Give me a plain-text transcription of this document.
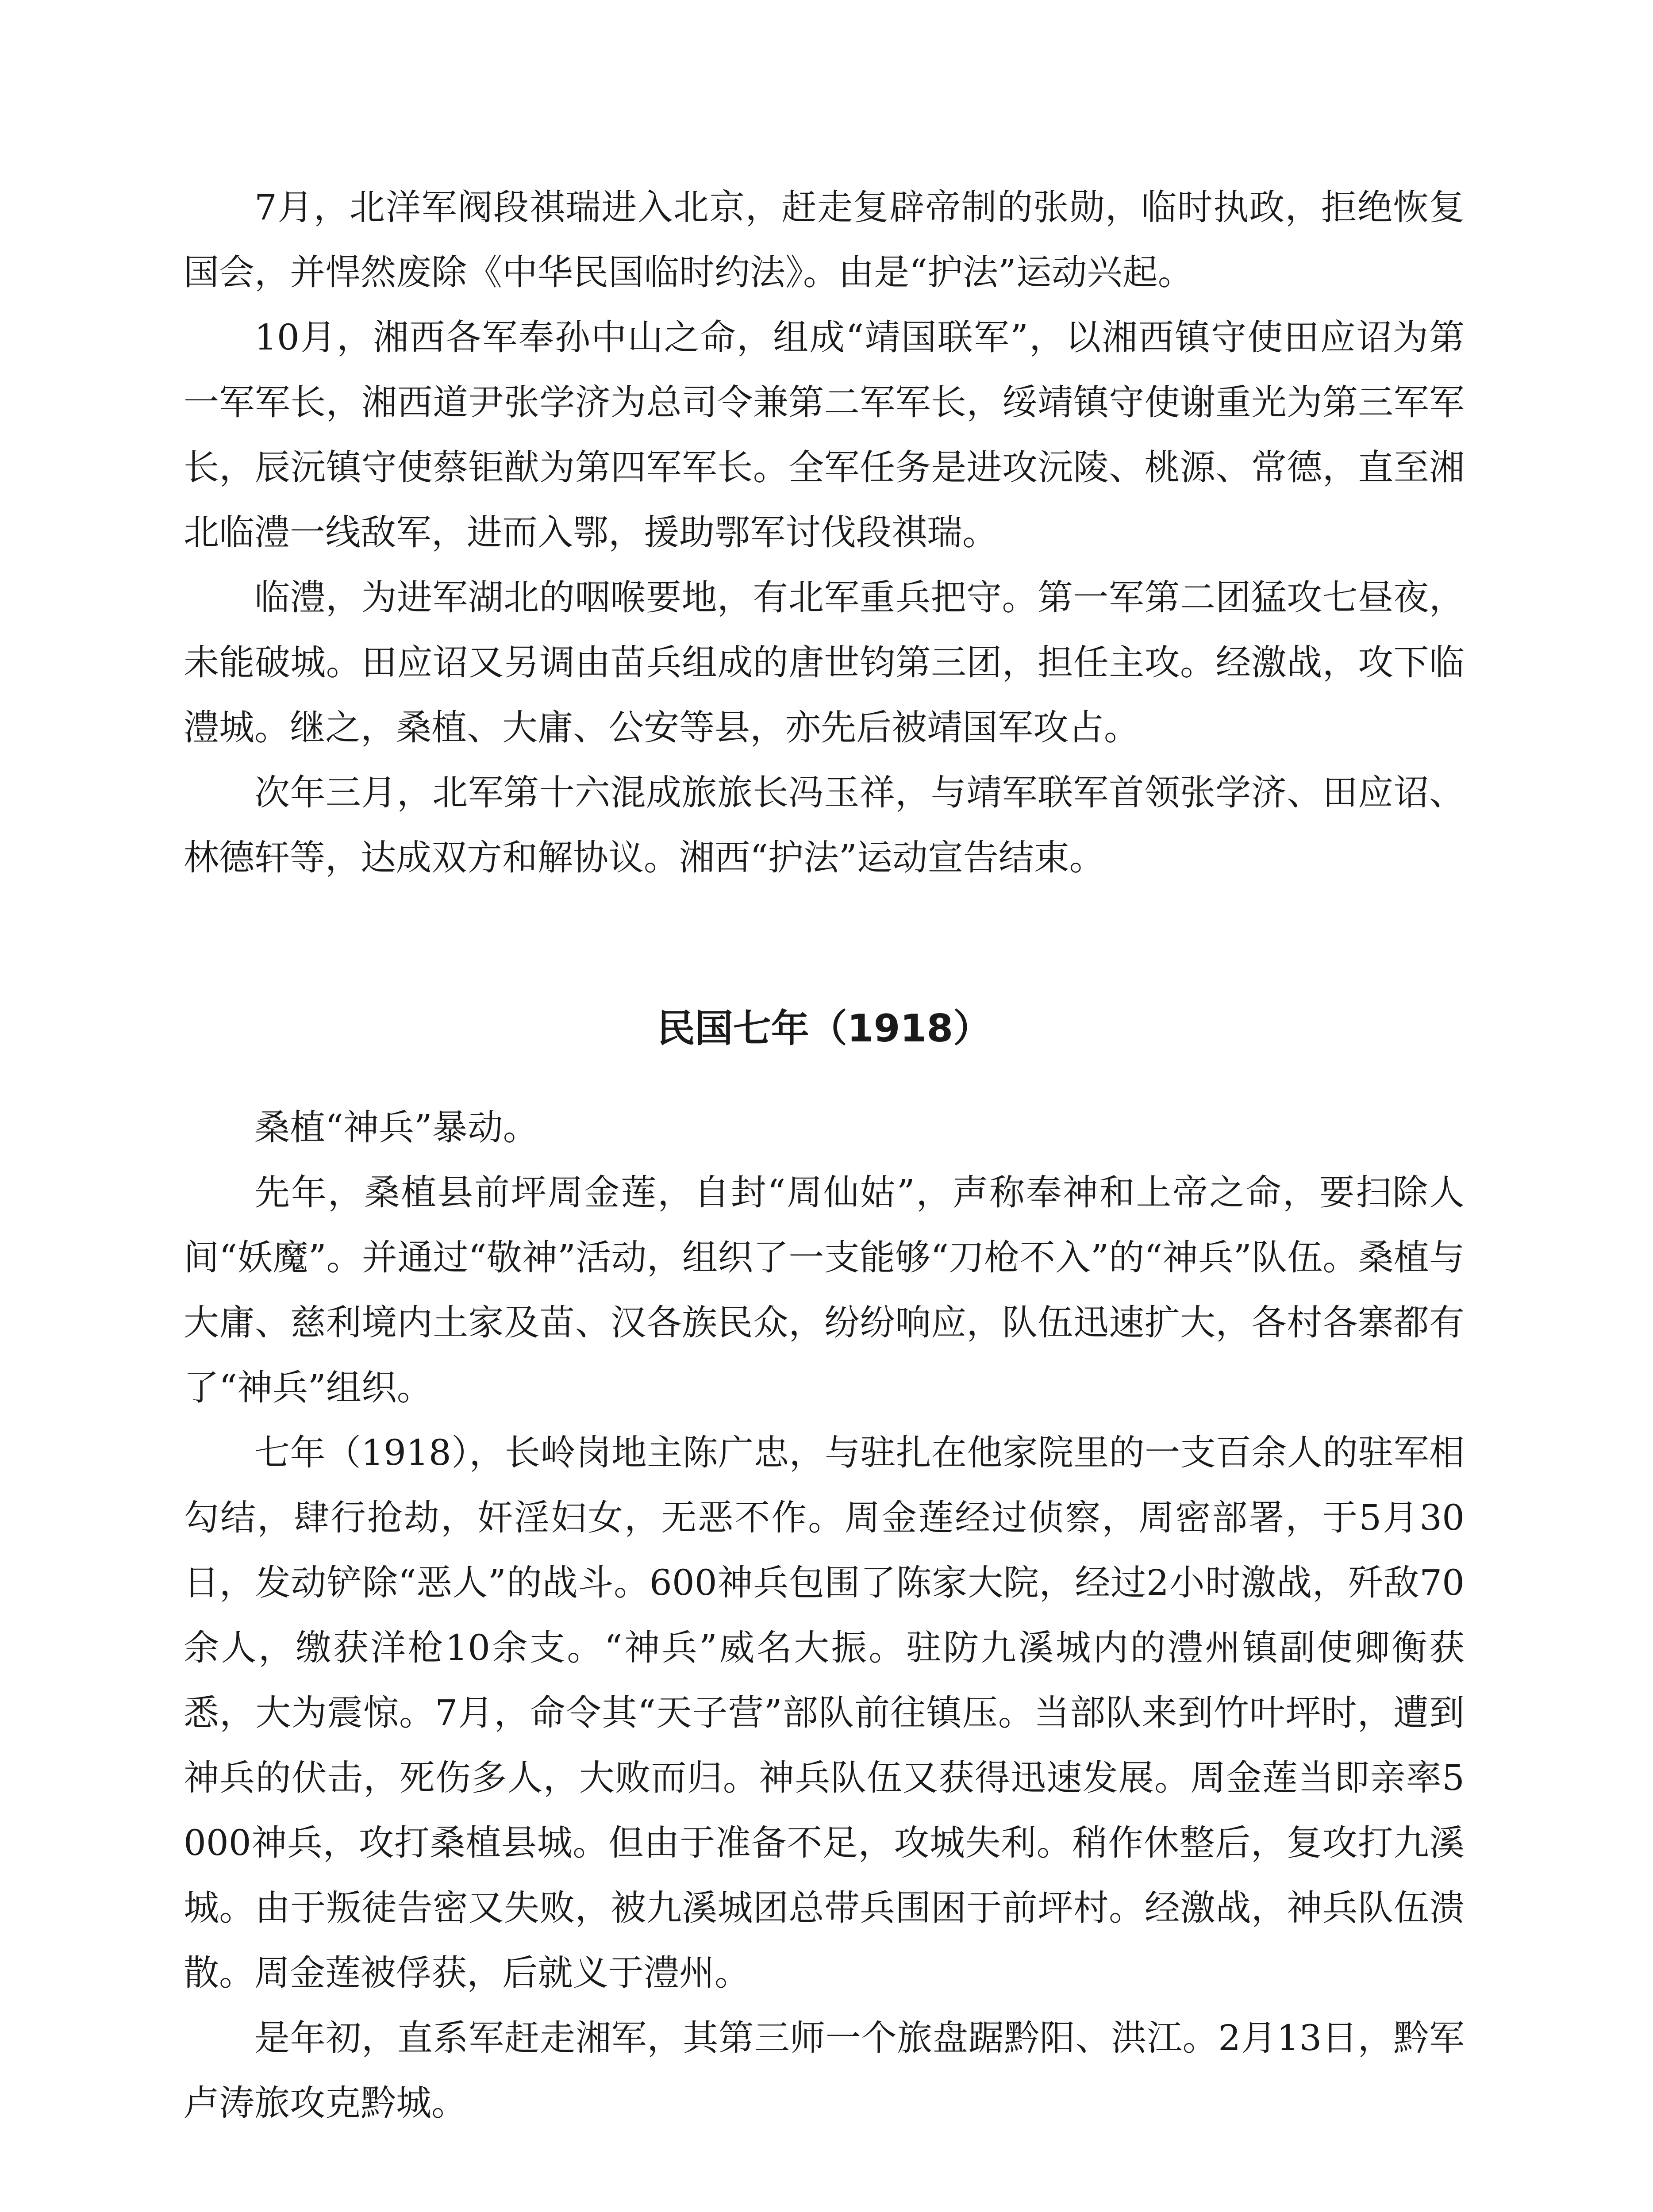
7月，北洋军阀段祺瑞进入北京，赶走复辟帝制的张勋，临时执政，拒绝恢复国会，并悍然废除《中华民国临时约法》。由是“护法”运动兴起。

10月，湘西各军奉孙中山之命，组成“靖国联军”，以湘西镇守使田应诏为第一军军长，湘西道尹张学济为总司令兼第二军军长，绥靖镇守使谢重光为第三军军长，辰沅镇守使蔡钜猷为第四军军长。全军任务是进攻沅陵、桃源、常德，直至湘北临澧一线敌军，进而入鄂，援助鄂军讨伐段祺瑞。

临澧，为进军湖北的咽喉要地，有北军重兵把守。第一军第二团猛攻七昼夜，未能破城。田应诏又另调由苗兵组成的唐世钧第三团，担任主攻。经激战，攻下临澧城。继之，桑植、大庸、公安等县，亦先后被靖国军攻占。

次年三月，北军第十六混成旅旅长冯玉祥，与靖军联军首领张学济、田应诏、林德轩等，达成双方和解协议。湘西“护法”运动宣告结束。

民国七年（1918）

桑植“神兵”暴动。

先年，桑植县前坪周金莲，自封“周仙姑”，声称奉神和上帝之命，要扫除人间“妖魔”。并通过“敬神”活动，组织了一支能够“刀枪不入”的“神兵”队伍。桑植与大庸、慈利境内土家及苗、汉各族民众，纷纷响应，队伍迅速扩大，各村各寨都有了“神兵”组织。

七年（1918），长岭岗地主陈广忠，与驻扎在他家院里的一支百余人的驻军相勾结，肆行抢劫，奸淫妇女，无恶不作。周金莲经过侦察，周密部署，于5月30日，发动铲除“恶人”的战斗。600神兵包围了陈家大院，经过2小时激战，歼敌70余人，缴获洋枪10余支。“神兵”威名大振。驻防九溪城内的澧州镇副使卿衡获悉，大为震惊。7月，命令其“天子营”部队前往镇压。当部队来到竹叶坪时，遭到神兵的伏击，死伤多人，大败而归。神兵队伍又获得迅速发展。周金莲当即亲率5000神兵，攻打桑植县城。但由于准备不足，攻城失利。稍作休整后，复攻打九溪城。由于叛徒告密又失败，被九溪城团总带兵围困于前坪村。经激战，神兵队伍溃散。周金莲被俘获，后就义于澧州。

是年初，直系军赶走湘军，其第三师一个旅盘踞黔阳、洪江。2月13日，黔军卢涛旅攻克黔城。
